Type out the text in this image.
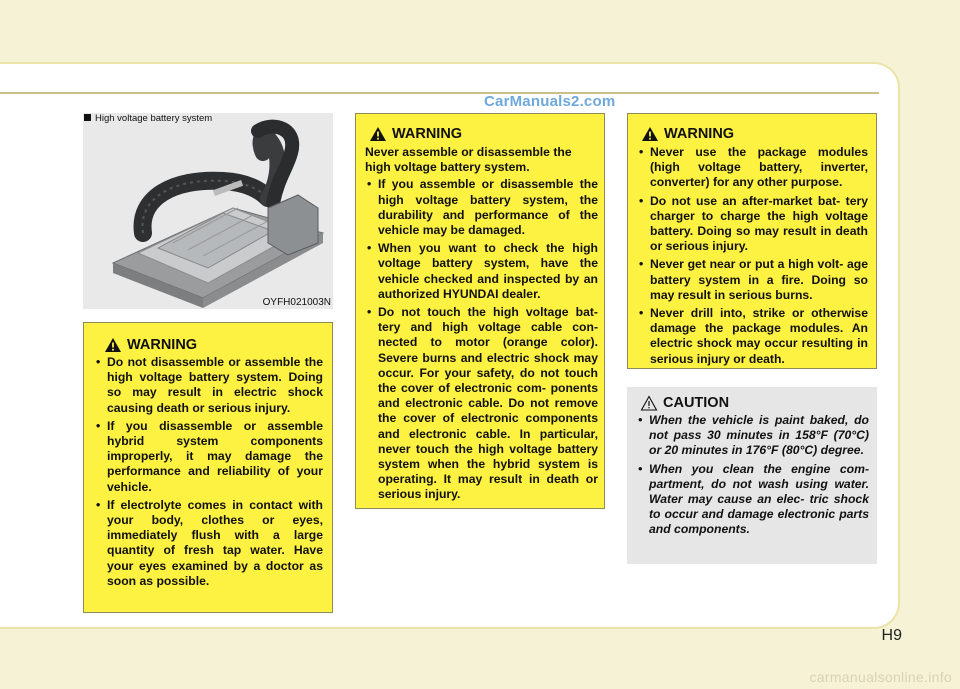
CarManuals2.com
OYFH021003N
High voltage battery system
WARNING
• Do not disassemble or assemble the high voltage battery system. Doing so may result in electric shock causing death or serious injury.
• If you disassemble or assemble hybrid system components improperly, it may damage the performance and reliability of your vehicle.
• If electrolyte comes in contact with your body, clothes or eyes, immediately flush with a large quantity of fresh tap water. Have your eyes examined by a doctor as soon as possible.
WARNING

Never assemble or disassemble the high voltage battery system.

• If you assemble or disassemble the high voltage battery system, the durability and performance of the vehicle may be damaged.
• When you want to check the high voltage battery system, have the vehicle checked and inspected by an authorized HYUNDAI dealer.
• Do not touch the high voltage bat- tery and high voltage cable con- nected to motor (orange color). Severe burns and electric shock may occur. For your safety, do not touch the cover of electronic com- ponents and electronic cable. Do not remove the cover of electronic components and electronic cable. In particular, never touch the high voltage battery system when the hybrid system is operating. It may result in death or serious injury.
WARNING
• Never use the package modules (high voltage battery, inverter, converter) for any other purpose.
• Do not use an after-market bat- tery charger to charge the high voltage battery. Doing so may result in death or serious injury.
• Never get near or put a high volt- age battery system in a fire. Doing so may result in serious burns.
• Never drill into, strike or otherwise damage the package modules. An electric shock may occur resulting in serious injury or death.
CAUTION
• When the vehicle is paint baked, do not pass 30 minutes in 158°F (70°C) or 20 minutes in 176°F (80°C) degree.
• When you clean the engine com- partment, do not wash using water. Water may cause an elec- tric shock to occur and damage electronic parts and components.
H9
carmanualsonline.info
